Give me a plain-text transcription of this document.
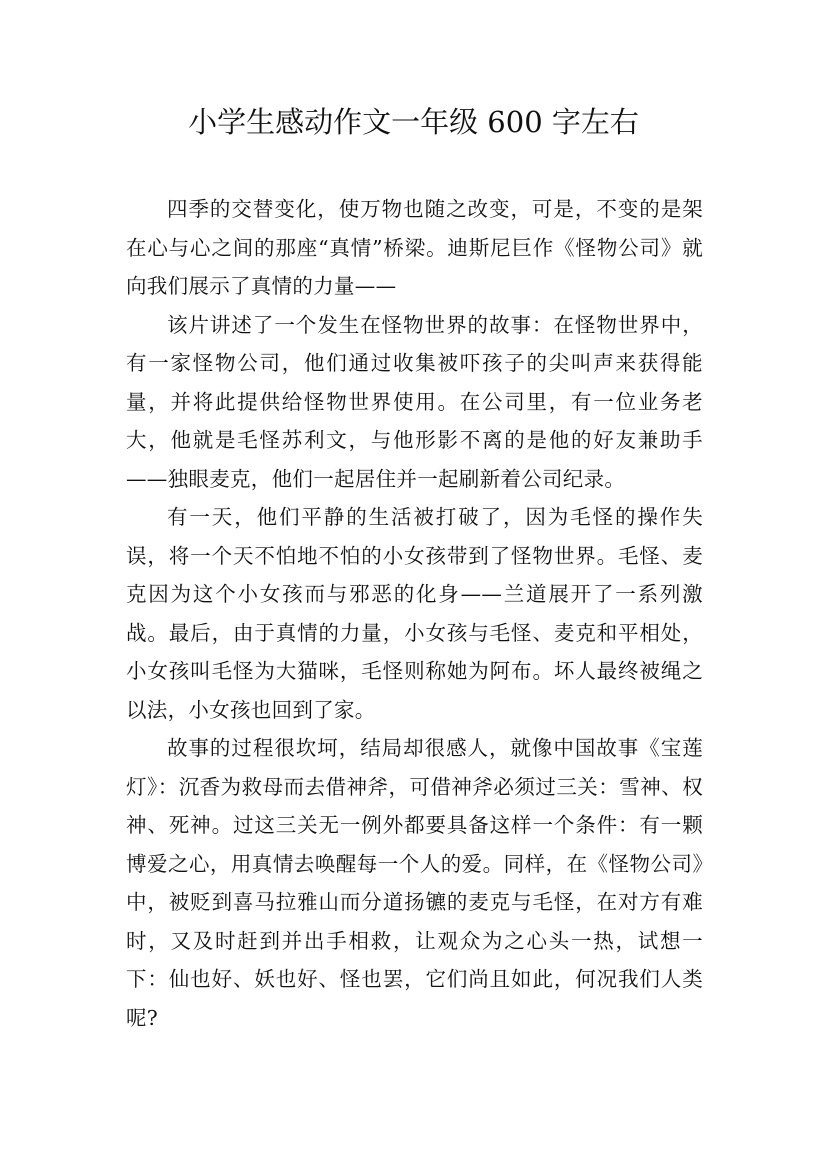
小学生感动作文一年级 600 字左右

四季的交替变化，使万物也随之改变，可是，不变的是架在心与心之间的那座“真情”桥梁。迪斯尼巨作《怪物公司》就向我们展示了真情的力量——

该片讲述了一个发生在怪物世界的故事：在怪物世界中，有一家怪物公司，他们通过收集被吓孩子的尖叫声来获得能量，并将此提供给怪物世界使用。在公司里，有一位业务老大，他就是毛怪苏利文，与他形影不离的是他的好友兼助手——独眼麦克，他们一起居住并一起刷新着公司纪录。

有一天，他们平静的生活被打破了，因为毛怪的操作失误，将一个天不怕地不怕的小女孩带到了怪物世界。毛怪、麦克因为这个小女孩而与邪恶的化身——兰道展开了一系列激战。最后，由于真情的力量，小女孩与毛怪、麦克和平相处，小女孩叫毛怪为大猫咪，毛怪则称她为阿布。坏人最终被绳之以法，小女孩也回到了家。

故事的过程很坎坷，结局却很感人，就像中国故事《宝莲灯》：沉香为救母而去借神斧，可借神斧必须过三关：雪神、权神、死神。过这三关无一例外都要具备这样一个条件：有一颗博爱之心，用真情去唤醒每一个人的爱。同样，在《怪物公司》中，被贬到喜马拉雅山而分道扬镳的麦克与毛怪，在对方有难时，又及时赶到并出手相救，让观众为之心头一热，试想一下：仙也好、妖也好、怪也罢，它们尚且如此，何况我们人类呢?
